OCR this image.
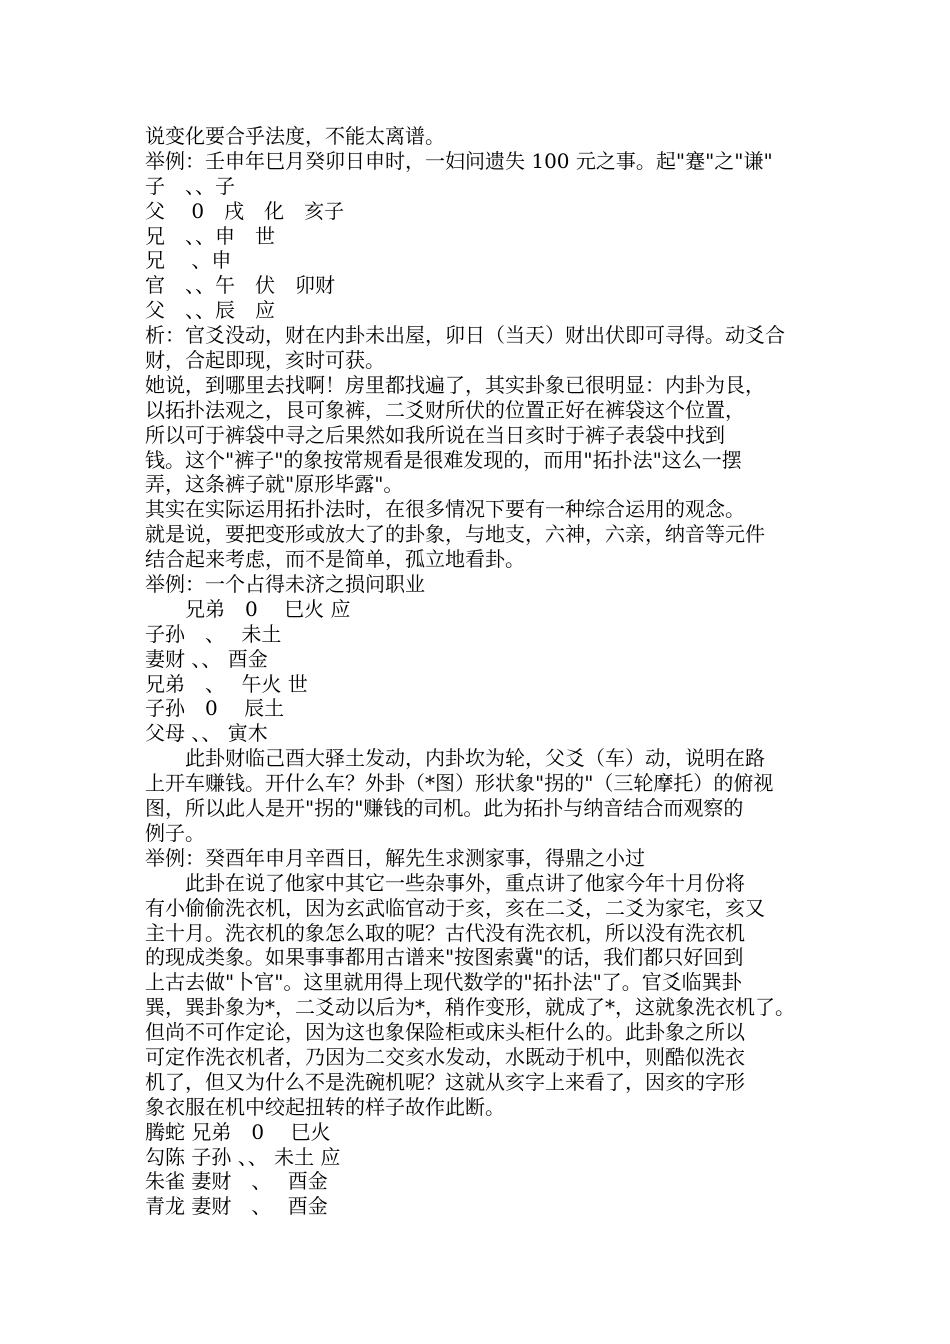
说变化要合乎法度，不能太离谱。
举例：壬申年巳月癸卯日申时，一妇问遗失 100 元之事。起"蹇"之"谦"
子　、、子
父　 0　戌　化　亥子
兄　、、申　世
兄　 、申
官　、、午　伏　卯财
父　、、辰　应
析：官爻没动，财在内卦未出屋，卯日（当天）财出伏即可寻得。动爻合
财，合起即现，亥时可获。
她说，到哪里去找啊！房里都找遍了，其实卦象已很明显：内卦为艮，
以拓扑法观之，艮可象裤，二爻财所伏的位置正好在裤袋这个位置，
所以可于裤袋中寻之后果然如我所说在当日亥时于裤子表袋中找到
钱。这个"裤子"的象按常规看是很难发现的，而用"拓扑法"这么一摆
弄，这条裤子就"原形毕露"。
其实在实际运用拓扑法时，在很多情况下要有一种综合运用的观念。
就是说，要把变形或放大了的卦象，与地支，六神，六亲，纳音等元件
结合起来考虑，而不是简单，孤立地看卦。
举例：一个占得未济之损问职业
　　兄弟　0　 巳火 应
子孙　、　 未土
妻财 、、 酉金
兄弟　、　 午火 世
子孙　0　 辰土
父母 、、 寅木
　　此卦财临己酉大驿土发动，内卦坎为轮，父爻（车）动，说明在路
上开车赚钱。开什么车？外卦（*图）形状象"拐的"（三轮摩托）的俯视
图，所以此人是开"拐的"赚钱的司机。此为拓扑与纳音结合而观察的
例子。
举例：癸酉年申月辛酉日，解先生求测家事，得鼎之小过
　　此卦在说了他家中其它一些杂事外，重点讲了他家今年十月份将
有小偷偷洗衣机，因为玄武临官动于亥，亥在二爻，二爻为家宅，亥又
主十月。洗衣机的象怎么取的呢？古代没有洗衣机，所以没有洗衣机
的现成类象。如果事事都用古谱来"按图索冀"的话，我们都只好回到
上古去做"卜官"。这里就用得上现代数学的"拓扑法"了。官爻临巽卦
巽，巽卦象为*，二爻动以后为*，稍作变形，就成了*，这就象洗衣机了。
但尚不可作定论，因为这也象保险柜或床头柜什么的。此卦象之所以
可定作洗衣机者，乃因为二交亥水发动，水既动于机中，则酷似洗衣
机了，但又为什么不是洗碗机呢？这就从亥字上来看了，因亥的字形
象衣服在机中绞起扭转的样子故作此断。
腾蛇 兄弟　0　 巳火
勾陈 子孙 、、 未土 应
朱雀 妻财　、　 酉金
青龙 妻财　、　 酉金
